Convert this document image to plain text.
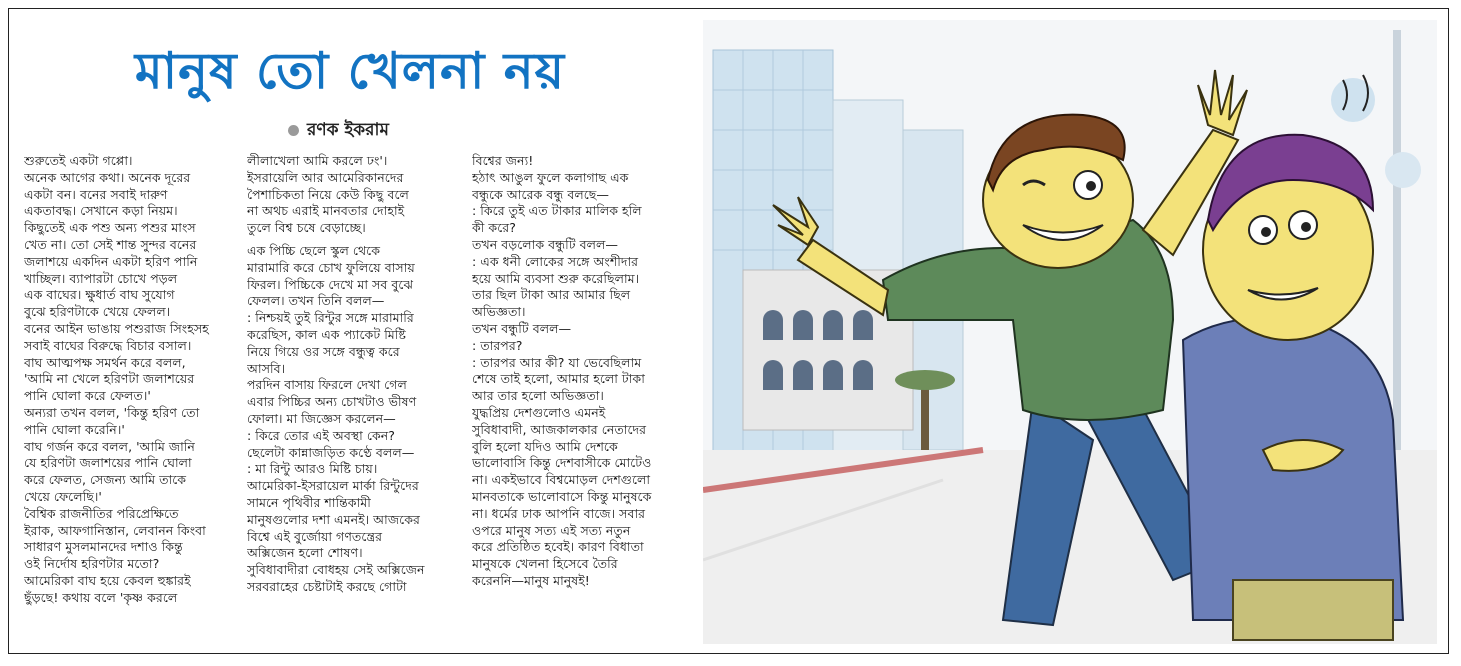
মানুষ তো খেলনা নয়
রণক ইকরাম

শুরুতেই একটা গপ্পো।

অনেক আগের কথা। অনেক দূরের

একটা বন। বনের সবাই দারুণ

একতাবদ্ধ। সেখানে কড়া নিয়ম।

কিছুতেই এক পশু অন্য পশুর মাংস

খেত না। তো সেই শান্ত সুন্দর বনের

জলাশয়ে একদিন একটা হরিণ পানি

খাচ্ছিল। ব্যাপারটা চোখে পড়ল

এক বাঘের। ক্ষুধার্ত বাঘ সুযোগ

বুঝে হরিণটাকে খেয়ে ফেলল।

বনের আইন ভাঙায় পশুরাজ সিংহসহ

সবাই বাঘের বিরুদ্ধে বিচার বসাল।

বাঘ আত্মপক্ষ সমর্থন করে বলল,

'আমি না খেলে হরিণটা জলাশয়ের

পানি ঘোলা করে ফেলত।'

অন্যরা তখন বলল, 'কিন্তু হরিণ তো

পানি ঘোলা করেনি।'

বাঘ গর্জন করে বলল, 'আমি জানি

যে হরিণটা জলাশয়ের পানি ঘোলা

করে ফেলত, সেজন্য আমি তাকে

খেয়ে ফেলেছি।'

বৈশ্বিক রাজনীতির পরিপ্রেক্ষিতে

ইরাক, আফগানিস্তান, লেবানন কিংবা

সাধারণ মুসলমানদের দশাও কিন্তু

ওই নির্দোষ হরিণটার মতো?

আমেরিকা বাঘ হয়ে কেবল হুঙ্কারই

ছুঁড়ছে! কথায় বলে 'কৃষ্ণ করলে

লীলাখেলা আমি করলে ঢং'।

ইসরায়েলি আর আমেরিকানদের

পৈশাচিকতা নিয়ে কেউ কিছু বলে

না অথচ এরাই মানবতার দোহাই

তুলে বিশ্ব চষে বেড়াচ্ছে।

এক পিচ্চি ছেলে স্কুল থেকে

মারামারি করে চোখ ফুলিয়ে বাসায়

ফিরল। পিচ্চিকে দেখে মা সব বুঝে

ফেলল। তখন তিনি বলল—

: নিশ্চয়ই তুই রিন্টুর সঙ্গে মারামারি

করেছিস, কাল এক প্যাকেট মিষ্টি

নিয়ে গিয়ে ওর সঙ্গে বন্ধুত্ব করে

আসবি।

পরদিন বাসায় ফিরলে দেখা গেল

এবার পিচ্চির অন্য চোখটাও ভীষণ

ফোলা। মা জিজ্ঞেস করলেন—

: কিরে তোর এই অবস্থা কেন?

ছেলেটা কান্নাজড়িত কণ্ঠে বলল—

: মা রিন্টু আরও মিষ্টি চায়।

আমেরিকা-ইসরায়েল মার্কা রিন্টুদের

সামনে পৃথিবীর শান্তিকামী

মানুষগুলোর দশা এমনই। আজকের

বিশ্বে এই বুর্জোয়া গণতন্ত্রের

অক্সিজেন হলো শোষণ।

সুবিধাবাদীরা বোধহয় সেই অক্সিজেন

সরবরাহের চেষ্টাটাই করছে গোটা

বিশ্বের জন্য!

হঠাৎ আঙুল ফুলে কলাগাছ এক

বন্ধুকে আরেক বন্ধু বলছে—

: কিরে তুই এত টাকার মালিক হলি

কী করে?

তখন বড়লোক বন্ধুটি বলল—

: এক ধনী লোকের সঙ্গে অংশীদার

হয়ে আমি ব্যবসা শুরু করেছিলাম।

তার ছিল টাকা আর আমার ছিল

অভিজ্ঞতা।

তখন বন্ধুটি বলল—

: তারপর?

: তারপর আর কী? যা ভেবেছিলাম

শেষে তাই হলো, আমার হলো টাকা

আর তার হলো অভিজ্ঞতা।

যুদ্ধপ্রিয় দেশগুলোও এমনই

সুবিধাবাদী, আজকালকার নেতাদের

বুলি হলো যদিও আমি দেশকে

ভালোবাসি কিন্তু দেশবাসীকে মোটেও

না। একইভাবে বিশ্বমোড়ল দেশগুলো

মানবতাকে ভালোবাসে কিন্তু মানুষকে

না। ধর্মের ঢাক আপনি বাজে। সবার

ওপরে মানুষ সত্য এই সত্য নতুন

করে প্রতিষ্ঠিত হবেই। কারণ বিধাতা

মানুষকে খেলনা হিসেবে তৈরি

করেননি—মানুষ মানুষই!
